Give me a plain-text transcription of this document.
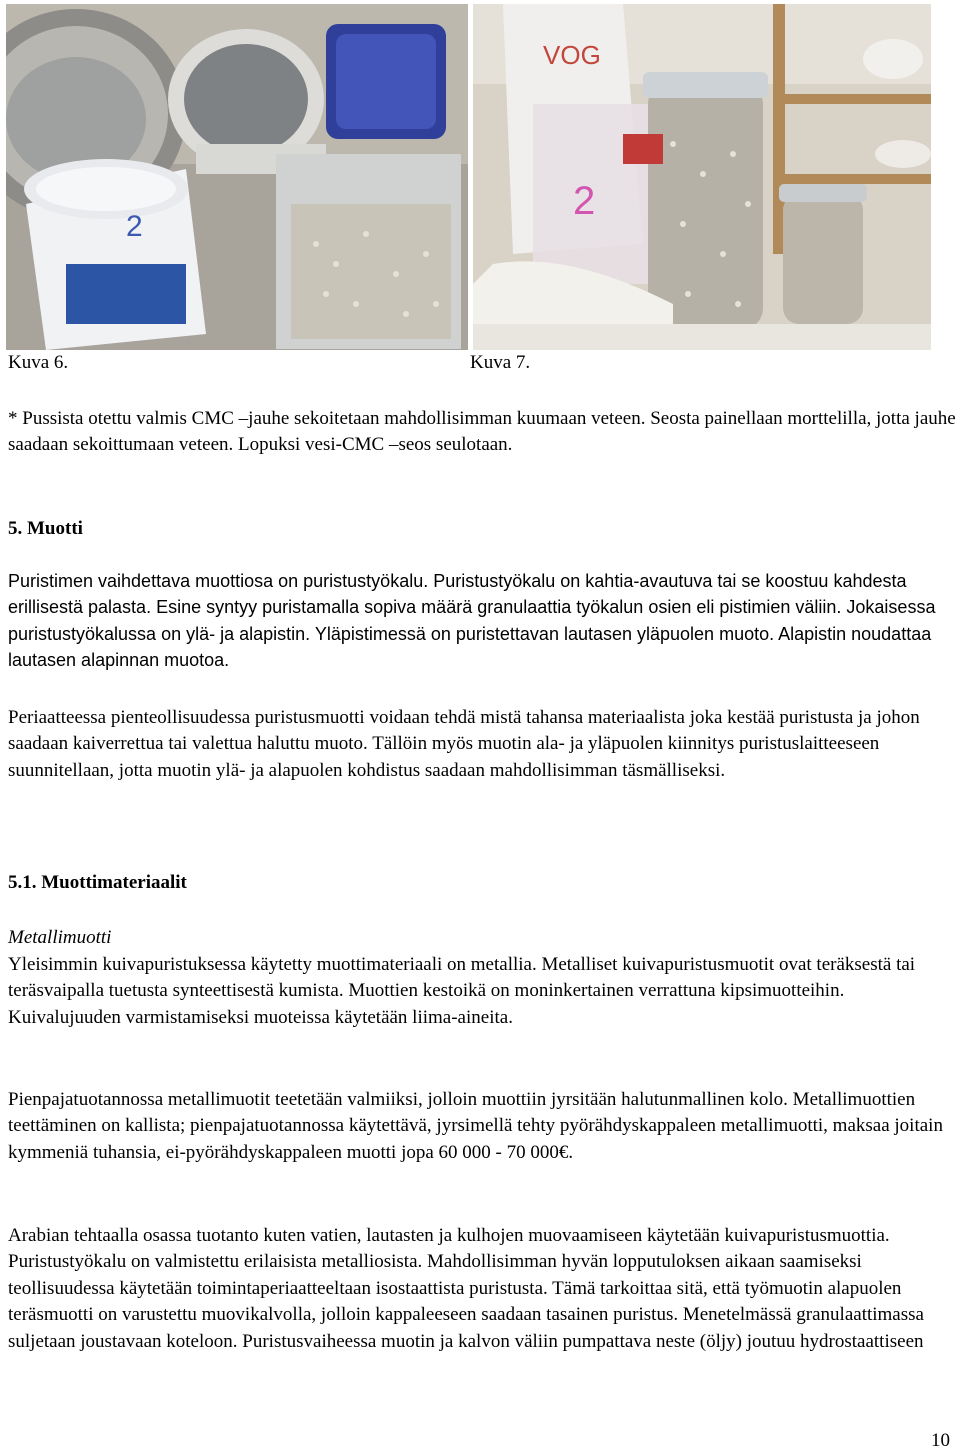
2
VOG
2
Kuva 6.	Kuva 7.

* Pussista otettu valmis CMC –jauhe sekoitetaan mahdollisimman kuumaan veteen. Seosta painellaan morttelilla, jotta jauhe saadaan sekoittumaan veteen. Lopuksi vesi-CMC –seos seulotaan.

5. Muotti

Puristimen vaihdettava muottiosa on puristustyökalu. Puristustyökalu on kahtia-avautuva tai se koostuu kahdesta erillisestä palasta. Esine syntyy puristamalla sopiva määrä granulaattia työkalun osien eli pistimien väliin. Jokaisessa puristustyökalussa on ylä- ja alapistin. Yläpistimessä on puristettavan lautasen yläpuolen muoto. Alapistin noudattaa lautasen alapinnan muotoa.

Periaatteessa pienteollisuudessa puristusmuotti voidaan tehdä mistä tahansa materiaalista joka kestää puristusta ja johon saadaan kaiverrettua tai valettua haluttu muoto. Tällöin myös muotin ala- ja yläpuolen kiinnitys puristuslaitteeseen suunnitellaan, jotta muotin ylä- ja alapuolen kohdistus saadaan mahdollisimman täsmälliseksi.

5.1. Muottimateriaalit
Metallimuotti

Yleisimmin kuivapuristuksessa käytetty muottimateriaali on metallia. Metalliset kuivapuristusmuotit ovat teräksestä tai teräsvaipalla tuetusta synteettisestä kumista. Muottien kestoikä on moninkertainen verrattuna kipsimuotteihin. Kuivalujuuden varmistamiseksi muoteissa käytetään liima-aineita.

Pienpajatuotannossa metallimuotit teetetään valmiiksi, jolloin muottiin jyrsitään halutunmallinen kolo. Metallimuottien teettäminen on kallista; pienpajatuotannossa käytettävä, jyrsimellä tehty pyörähdyskappaleen metallimuotti, maksaa joitain kymmeniä tuhansia, ei-pyörähdyskappaleen muotti jopa 60 000 - 70 000€.

Arabian tehtaalla osassa tuotanto kuten vatien, lautasten ja kulhojen muovaamiseen käytetään kuivapuristusmuottia. Puristustyökalu on valmistettu erilaisista metalliosista. Mahdollisimman hyvän lopputuloksen aikaan saamiseksi teollisuudessa käytetään toimintaperiaatteeltaan isostaattista puristusta. Tämä tarkoittaa sitä, että työmuotin alapuolen teräsmuotti on varustettu muovikalvolla, jolloin kappaleeseen saadaan tasainen puristus. Menetelmässä granulaattimassa suljetaan joustavaan koteloon. Puristusvaiheessa muotin ja kalvon väliin pumpattava neste (öljy) joutuu hydrostaattiseen

10
